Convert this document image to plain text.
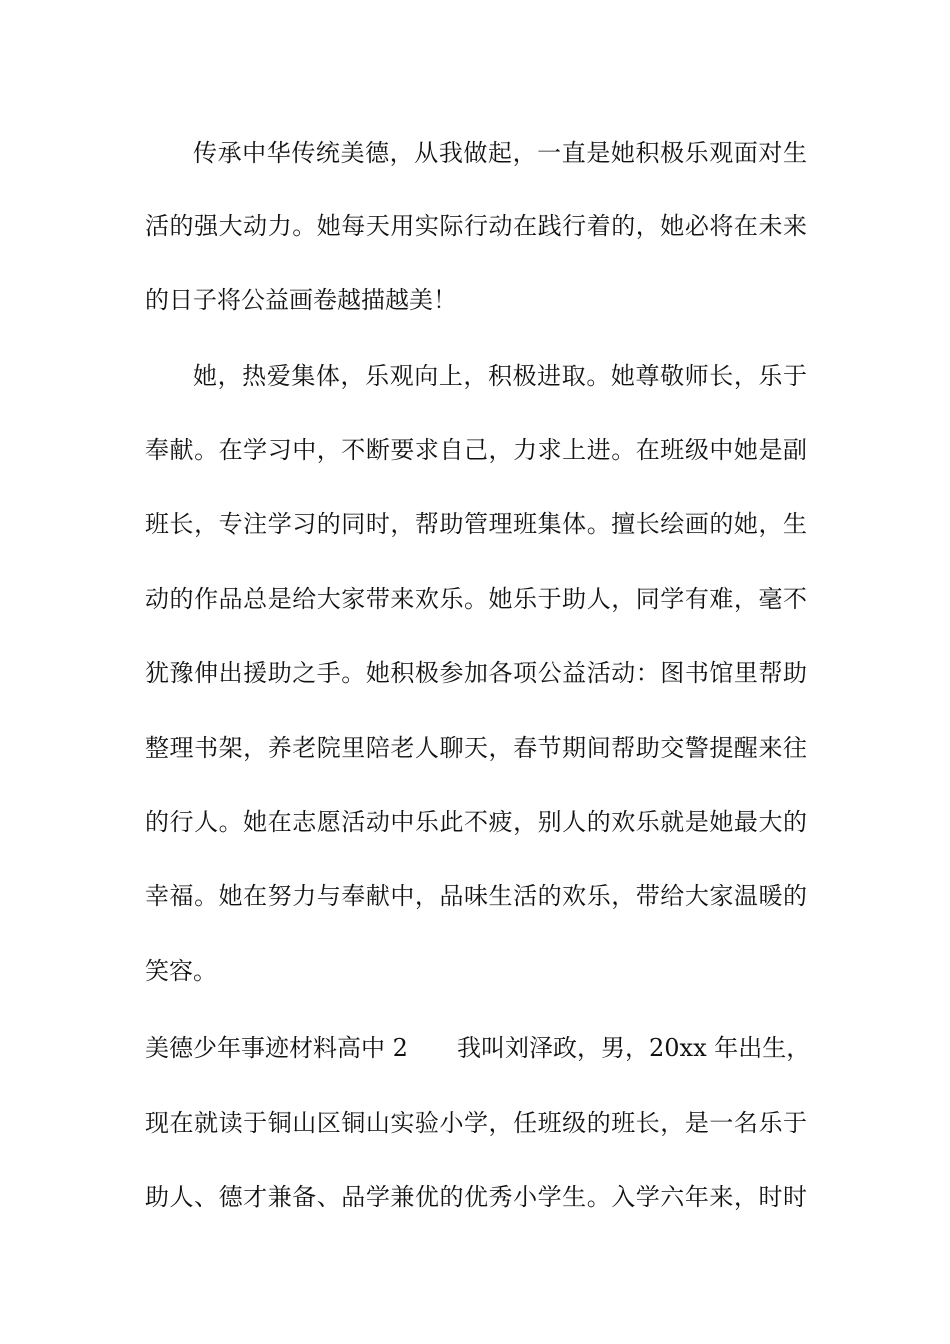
传承中华传统美德，从我做起，一直是她积极乐观面对生
活的强大动力。她每天用实际行动在践行着的，她必将在未来
的日子将公益画卷越描越美！
她，热爱集体，乐观向上，积极进取。她尊敬师长，乐于
奉献。在学习中，不断要求自己，力求上进。在班级中她是副
班长，专注学习的同时，帮助管理班集体。擅长绘画的她，生
动的作品总是给大家带来欢乐。她乐于助人，同学有难，毫不
犹豫伸出援助之手。她积极参加各项公益活动：图书馆里帮助
整理书架，养老院里陪老人聊天，春节期间帮助交警提醒来往
的行人。她在志愿活动中乐此不疲，别人的欢乐就是她最大的
幸福。她在努力与奉献中，品味生活的欢乐，带给大家温暖的
笑容。
美德少年事迹材料高中 2 我叫刘泽政，男，20xx 年出生，
现在就读于铜山区铜山实验小学，任班级的班长，是一名乐于
助人、德才兼备、品学兼优的优秀小学生。入学六年来，时时
